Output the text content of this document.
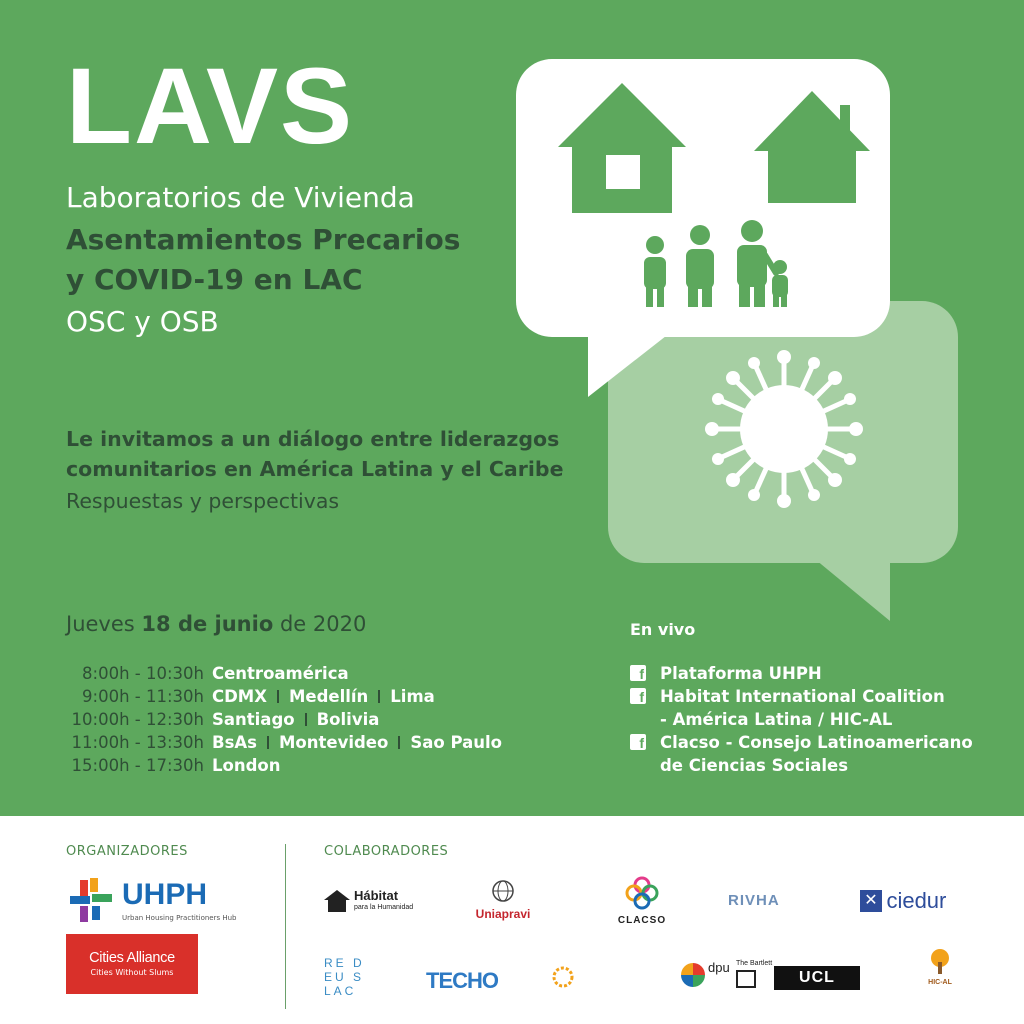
LAVS
Laboratorios de Vivienda
Asentamientos Precarios
y COVID-19 en LAC
OSC y OSB
Le invitamos a un diálogo entre liderazgos
comunitarios en América Latina y el Caribe
Respuestas y perspectivas
Jueves 18 de junio de 2020
8:00h - 10:30h Centroamérica
9:00h - 11:30h CDMX Medellín Lima
10:00h - 12:30h Santiago Bolivia
11:00h - 13:30h BsAs Montevideo Sao Paulo
15:00h - 17:30h London
En vivo
f Plataforma UHPH
f Habitat International Coalition
- América Latina / HIC-AL
f Clacso - Consejo Latinoamericano
de Ciencias Sociales
ORGANIZADORES	COLABORADORES
UHPH
Urban Housing Practitioners Hub
Cities Alliance
Cities Without Slums
Hábitat
para la Humanidad	Uniapravi	CLACSO
RIVHA	✕ ciedur
RE D
EU S
LAC	TECHO
dpu The Bartlett
UCL	HIC-AL
